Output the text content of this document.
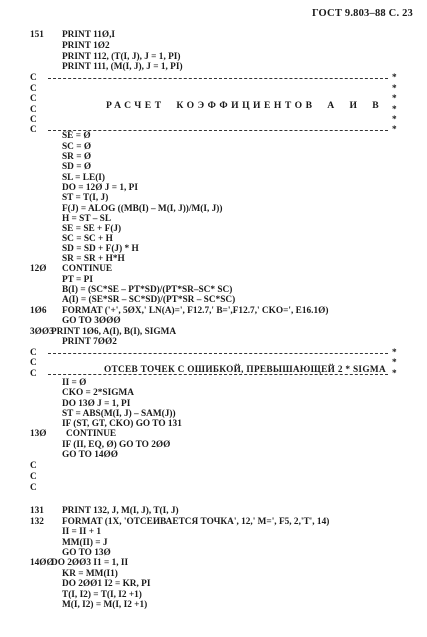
ГОСТ 9.803–88 С. 23
151 PRINT 11Ø,I
PRINT 1Ø2
PRINT 112, (T(I, J), J = 1, PI)
PRINT 111, (M(I, J), J = 1, PI)
C	*
C	*
C	*
РАСЧЕТ  КОЭФФИЦИЕНТОВ  А  И  В
C	*
C	*
C	*
SE = Ø
SC = Ø
SR = Ø
SD = Ø
SL = LE(I)
DO = 12Ø J = 1, PI
ST = T(I, J)
F(J) = ALOG ((MB(I) – M(I, J))/M(I, J))
H = ST – SL
SE = SE + F(J)
SC = SC + H
SD = SD + F(J) * H
SR = SR + H*H
12Ø CONTINUE
PT = PI
B(I) = (SC*SE – PT*SD)/(PT*SR–SC* SC)
A(I) = (SE*SR – SC*SD)/(PT*SR – SC*SC)
1Ø6 FORMAT ('+', 5ØX,' LN(A)=', F12.7,' B=',F12.7,' CKO=', E16.1Ø)
GO TO 3ØØØ
3ØØ3
PRINT 1Ø6, A(I), B(I), SIGMA
PRINT 7ØØ2
C	*
C	*
ОТСЕВ ТОЧЕК С ОШИБКОЙ, ПРЕВЫШАЮЩЕЙ 2 * SIGMA
C	*
II = Ø
CKO = 2*SIGMA
DO 13Ø J = 1, PI
ST = ABS(M(I, J) – SAM(J))
IF (ST, GT, CKO) GO TO 131
13Ø CONTINUE
IF (II, EQ, Ø) GO TO 2ØØ
GO TO 14ØØ
C
C
C
131 PRINT 132, J, M(I, J), T(I, J)
132 FORMAT (1X, 'ОТСЕИВАЕТСЯ ТОЧКА', 12,' M=', F5, 2,'T', 14)
II = II + 1
MM(II) = J
GO TO 13Ø
14ØØ
DO 2ØØ3 I1 = 1, II
KR = MM(I1)
DO 2ØØ1 I2 = KR, PI
T(I, I2) = T(I, I2 +1)
M(I, I2) = M(I, I2 +1)
